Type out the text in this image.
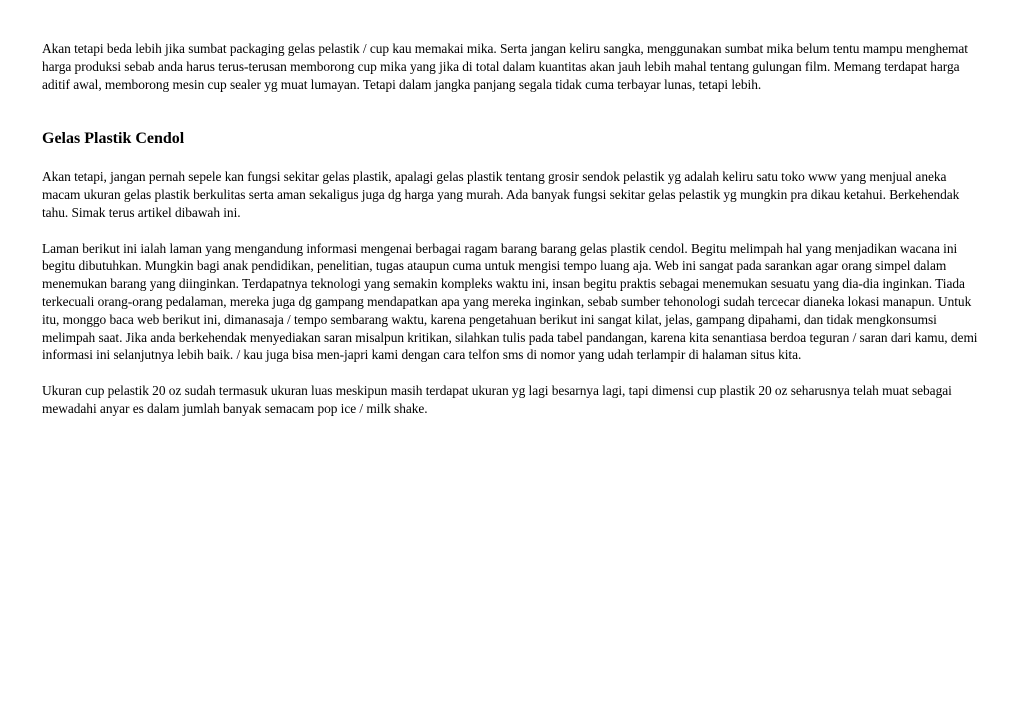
Akan tetapi beda lebih jika sumbat packaging gelas pelastik / cup kau memakai mika. Serta jangan keliru sangka, menggunakan sumbat mika belum tentu mampu menghemat harga produksi sebab anda harus terus-terusan memborong cup mika yang jika di total dalam kuantitas akan jauh lebih mahal tentang gulungan film. Memang terdapat harga aditif awal, memborong mesin cup sealer yg muat lumayan. Tetapi dalam jangka panjang segala tidak cuma terbayar lunas, tetapi lebih.

Gelas Plastik Cendol

Akan tetapi, jangan pernah sepele kan fungsi sekitar gelas plastik, apalagi gelas plastik tentang grosir sendok pelastik yg adalah keliru satu toko www yang menjual aneka macam ukuran gelas plastik berkulitas serta aman sekaligus juga dg harga yang murah. Ada banyak fungsi sekitar gelas pelastik yg mungkin pra dikau ketahui. Berkehendak tahu. Simak terus artikel dibawah ini.

Laman berikut ini ialah laman yang mengandung informasi mengenai berbagai ragam barang barang gelas plastik cendol. Begitu melimpah hal yang menjadikan wacana ini begitu dibutuhkan. Mungkin bagi anak pendidikan, penelitian, tugas ataupun cuma untuk mengisi tempo luang aja. Web ini sangat pada sarankan agar orang simpel dalam menemukan barang yang diinginkan. Terdapatnya teknologi yang semakin kompleks waktu ini, insan begitu praktis sebagai menemukan sesuatu yang dia-dia inginkan. Tiada terkecuali orang-orang pedalaman, mereka juga dg gampang mendapatkan apa yang mereka inginkan, sebab sumber tehonologi sudah tercecar dianeka lokasi manapun. Untuk itu, monggo baca web berikut ini, dimanasaja / tempo sembarang waktu, karena pengetahuan berikut ini sangat kilat, jelas, gampang dipahami, dan tidak mengkonsumsi melimpah saat. Jika anda berkehendak menyediakan saran misalpun kritikan, silahkan tulis pada tabel pandangan, karena kita senantiasa berdoa teguran / saran dari kamu, demi informasi ini selanjutnya lebih baik. / kau juga bisa men-japri kami dengan cara telfon sms di nomor yang udah terlampir di halaman situs kita.

Ukuran cup pelastik 20 oz sudah termasuk ukuran luas meskipun masih terdapat ukuran yg lagi besarnya lagi, tapi dimensi cup plastik 20 oz seharusnya telah muat sebagai mewadahi anyar es dalam jumlah banyak semacam pop ice / milk shake.
